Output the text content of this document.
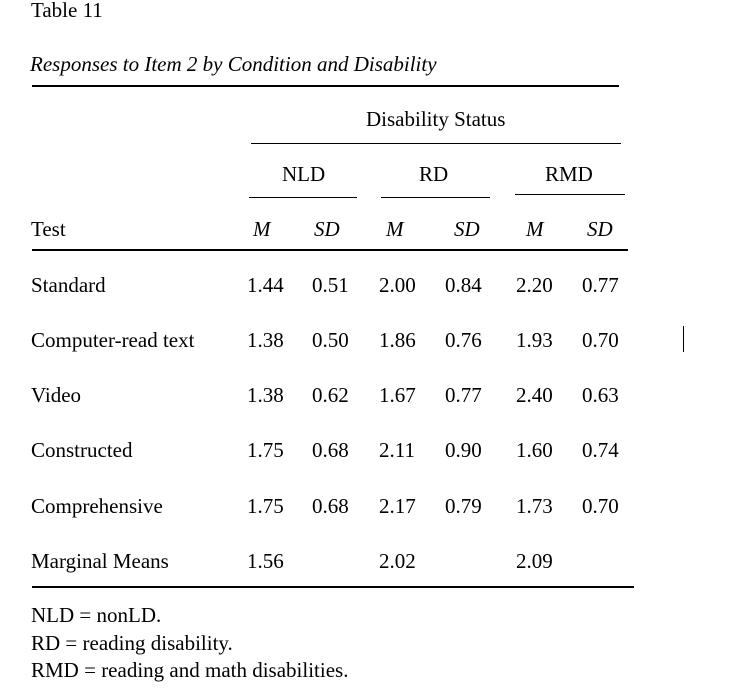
Table 11
Responses to Item 2 by Condition and Disability
Disability Status
NLD	RD	RMD
Test	M SD M SD M SD
Standard	1.44 0.51 2.00 0.84 2.20 0.77
Computer-read text	1.38 0.50 1.86 0.76 1.93 0.70
Video	1.38 0.62 1.67 0.77 2.40 0.63
Constructed	1.75 0.68 2.11 0.90 1.60 0.74
Comprehensive	1.75 0.68 2.17 0.79 1.73 0.70
Marginal Means	1.56	2.02	2.09
NLD = nonLD.
RD = reading disability.
RMD = reading and math disabilities.
